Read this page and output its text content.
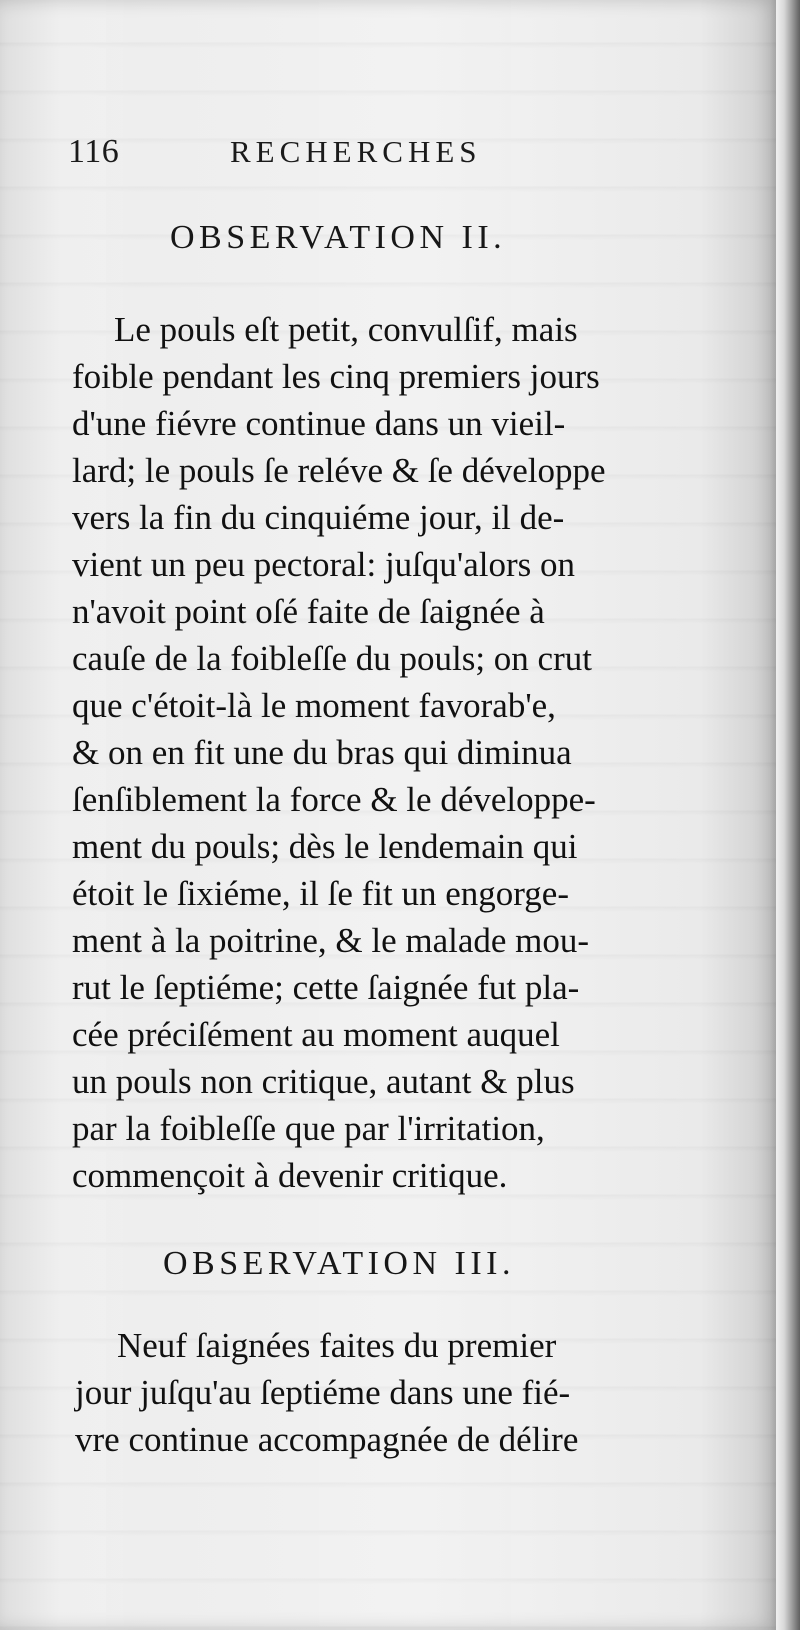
116	RECHERCHES
OBSERVATION II.
Le pouls eſt petit, convulſif, mais
foible pendant les cinq premiers jours
d'une fiévre continue dans un vieil-
lard; le pouls ſe reléve & ſe développe
vers la fin du cinquiéme jour, il de-
vient un peu pectoral: juſqu'alors on
n'avoit point oſé faite de ſaignée à
cauſe de la foibleſſe du pouls; on crut
que c'étoit-là le moment favorab'e,
& on en fit une du bras qui diminua
ſenſiblement la force & le développe-
ment du pouls; dès le lendemain qui
étoit le ſixiéme, il ſe fit un engorge-
ment à la poitrine, & le malade mou-
rut le ſeptiéme; cette ſaignée fut pla-
cée préciſément au moment auquel
un pouls non critique, autant & plus
par la foibleſſe que par l'irritation,
commençoit à devenir critique.
OBSERVATION III.
Neuf ſaignées faites du premier
jour juſqu'au ſeptiéme dans une fié-
vre continue accompagnée de délire
